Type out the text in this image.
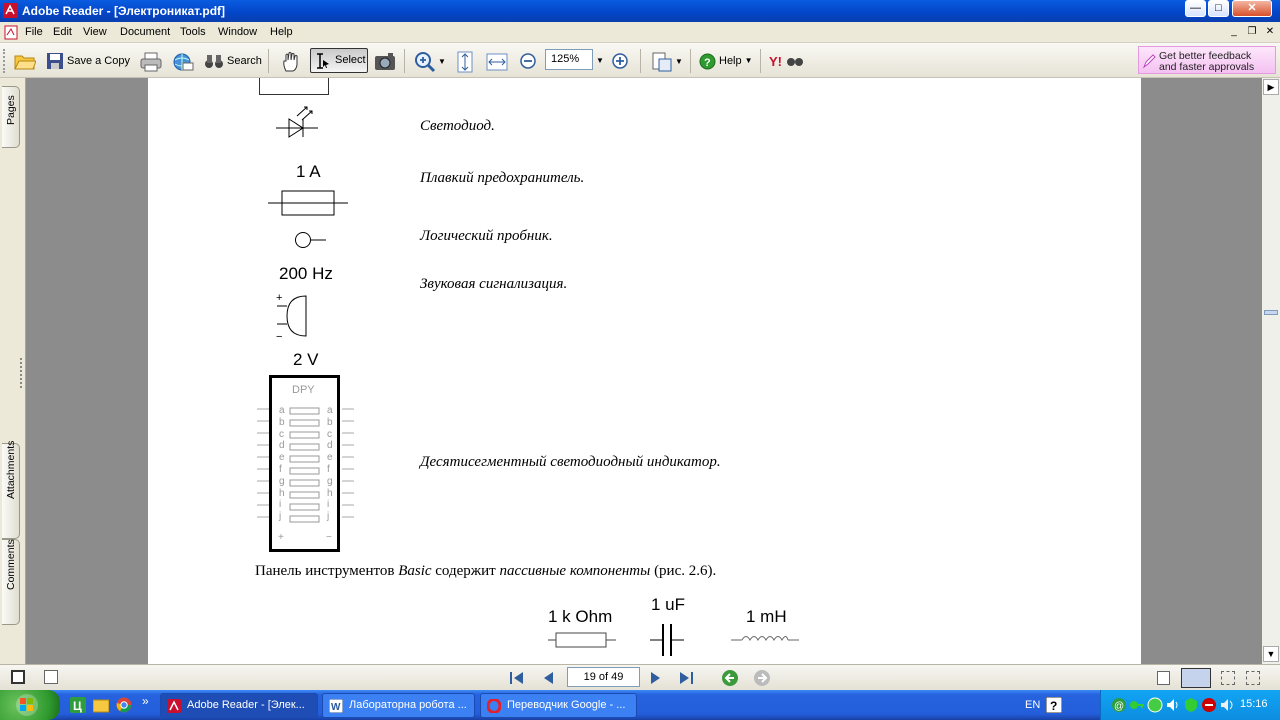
Adobe Reader - [Электроникат.pdf]	—	□	✕
File Edit View Document Tools Window Help	_	❐ ✕
Save a Copy	Search	Select	▼	▼ ? Help ▼ Y!
125%	▼	Get better feedback
and faster approvals
Pages
Attachments
Comments
Светодиод.
1 A	Плавкий предохранитель.
Логический пробник.
200 Hz
+
−
Звуковая сигнализация.
2 V
DPY
a
b
c
d
e
f
g
h
i
j
a
b
c
d
e
f
g
h
i
j
+	−
Десятисегментный светодиодный индикатор.
Панель инструментов Basic содержит пассивные компоненты (рис. 2.6).
1 k Ohm
1 uF
1 mH
▶
▼
19 of 49
Ц	»	Adobe Reader - [Элек...	W Лабораторна робота ...	Переводчик Google - ...	EN ?	@	15:16
